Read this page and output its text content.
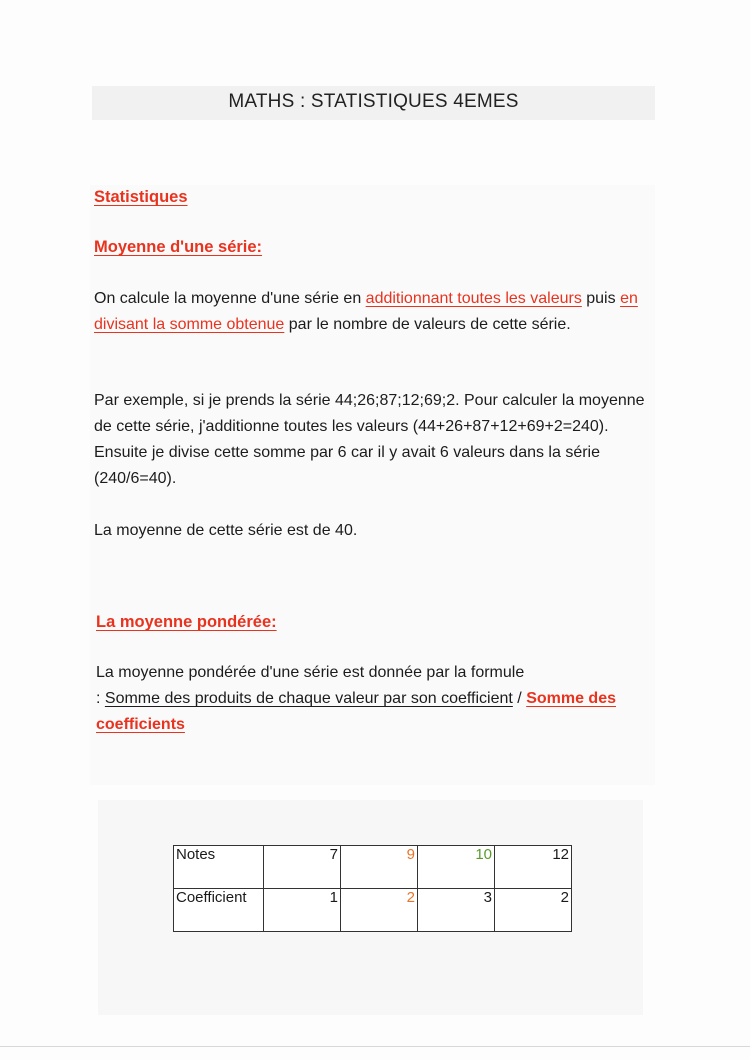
MATHS : STATISTIQUES 4EMES
Statistiques
Moyenne d'une série:
On calcule la moyenne d'une série en additionnant toutes les valeurs puis en divisant la somme obtenue par le nombre de valeurs de cette série.
Par exemple, si je prends la série 44;26;87;12;69;2. Pour calculer la moyenne de cette série, j'additionne toutes les valeurs (44+26+87+12+69+2=240). Ensuite je divise cette somme par 6 car il y avait 6 valeurs dans la série (240/6=40).
La moyenne de cette série est de 40.
La moyenne pondérée:
La moyenne pondérée d'une série est donnée par la formule
: Somme des produits de chaque valeur par son coefficient / Somme des coefficients
Notes	7	9	10	12
Coefficient	1	2	3	2
